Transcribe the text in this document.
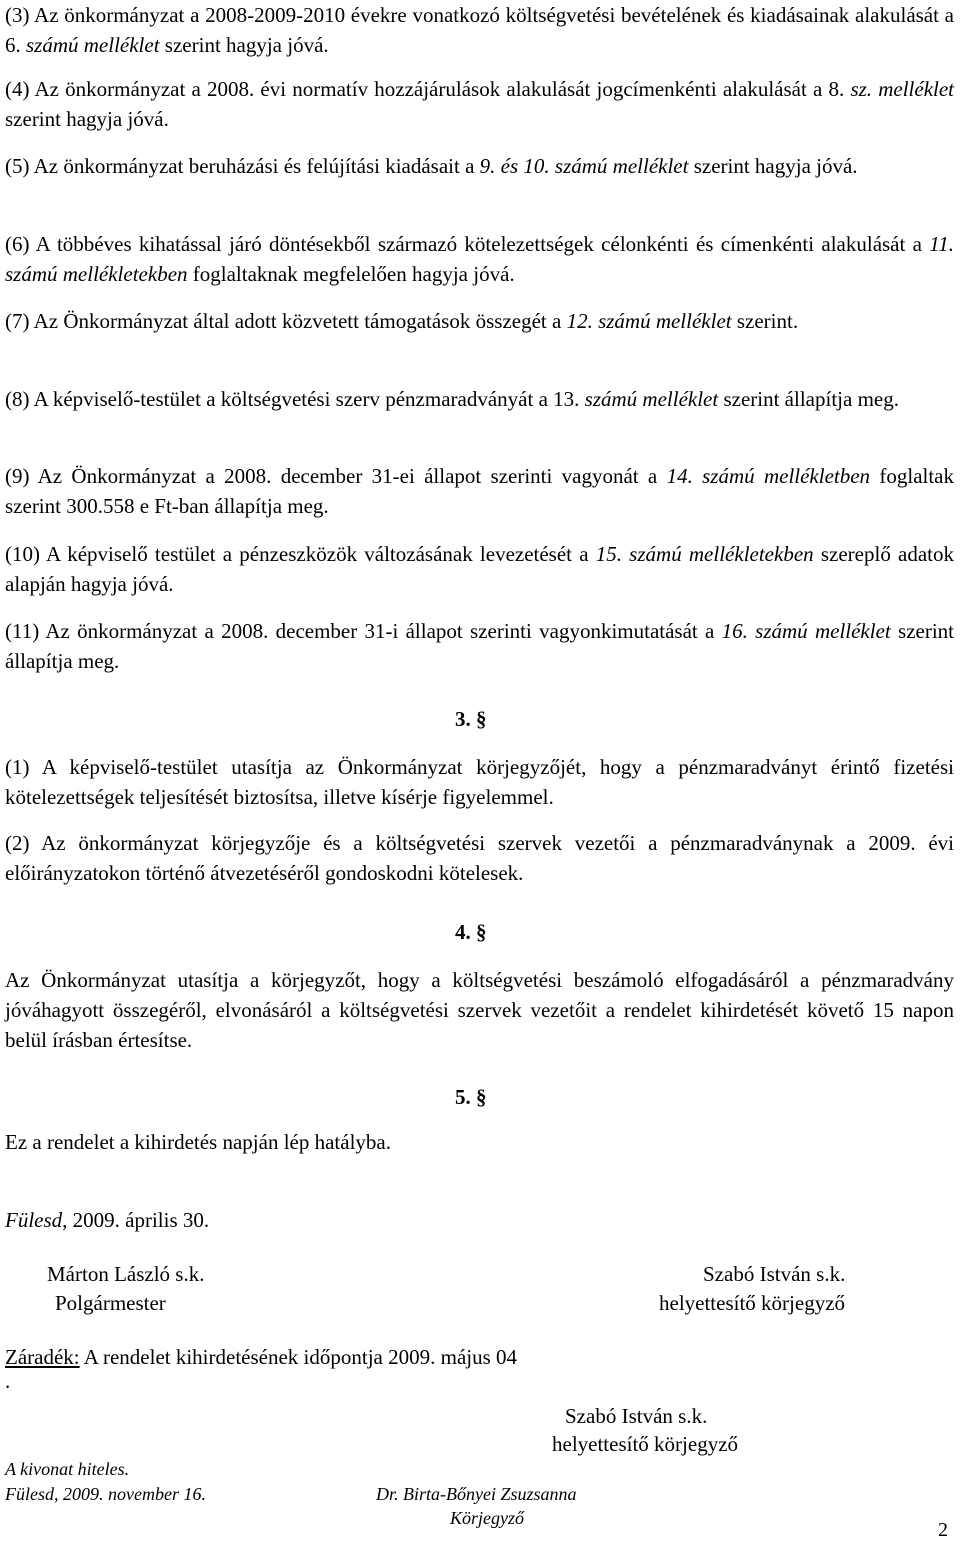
(3) Az önkormányzat a 2008-2009-2010 évekre vonatkozó költségvetési bevételének és kiadásainak alakulását a 6. számú melléklet szerint hagyja jóvá.
(4) Az önkormányzat a 2008. évi normatív hozzájárulások alakulását jogcímenkénti alakulását a 8. sz. melléklet szerint hagyja jóvá.
(5) Az önkormányzat beruházási és felújítási kiadásait a 9. és 10. számú melléklet szerint hagyja jóvá.
(6) A többéves kihatással járó döntésekből származó kötelezettségek célonkénti és címenkénti alakulását a 11. számú mellékletekben foglaltaknak megfelelően hagyja jóvá.
(7) Az Önkormányzat által adott közvetett támogatások összegét a 12. számú melléklet szerint.
(8) A képviselő-testület a költségvetési szerv pénzmaradványát a 13. számú melléklet szerint állapítja meg.
(9) Az Önkormányzat a 2008. december 31-ei állapot szerinti vagyonát a 14. számú mellékletben foglaltak szerint 300.558 e Ft-ban állapítja meg.
(10) A képviselő testület a pénzeszközök változásának levezetését a 15. számú mellékletekben szereplő adatok alapján hagyja jóvá.
(11) Az önkormányzat a 2008. december 31-i állapot szerinti vagyonkimutatását a 16. számú melléklet szerint állapítja meg.
3. §
(1) A képviselő-testület utasítja az Önkormányzat körjegyzőjét, hogy a pénzmaradványt érintő fizetési kötelezettségek teljesítését biztosítsa, illetve kísérje figyelemmel.
(2) Az önkormányzat körjegyzője és a költségvetési szervek vezetői a pénzmaradványnak a 2009. évi előirányzatokon történő átvezetéséről gondoskodni kötelesek.
4. §
Az Önkormányzat utasítja a körjegyzőt, hogy a költségvetési beszámoló elfogadásáról a pénzmaradvány jóváhagyott összegéről, elvonásáról a költségvetési szervek vezetőit a rendelet kihirdetését követő 15 napon belül írásban értesítse.
5. §
Ez a rendelet a kihirdetés napján lép hatályba.
Fülesd, 2009. április 30.
Márton László s.k.
Polgármester
Szabó István s.k.
helyettesítő körjegyző
Záradék: A rendelet kihirdetésének időpontja 2009. május 04
.
Szabó István s.k.
helyettesítő körjegyző
A kivonat hiteles.
Fülesd, 2009. november 16.	Dr. Birta-Bőnyei Zsuzsanna
Körjegyző
2
